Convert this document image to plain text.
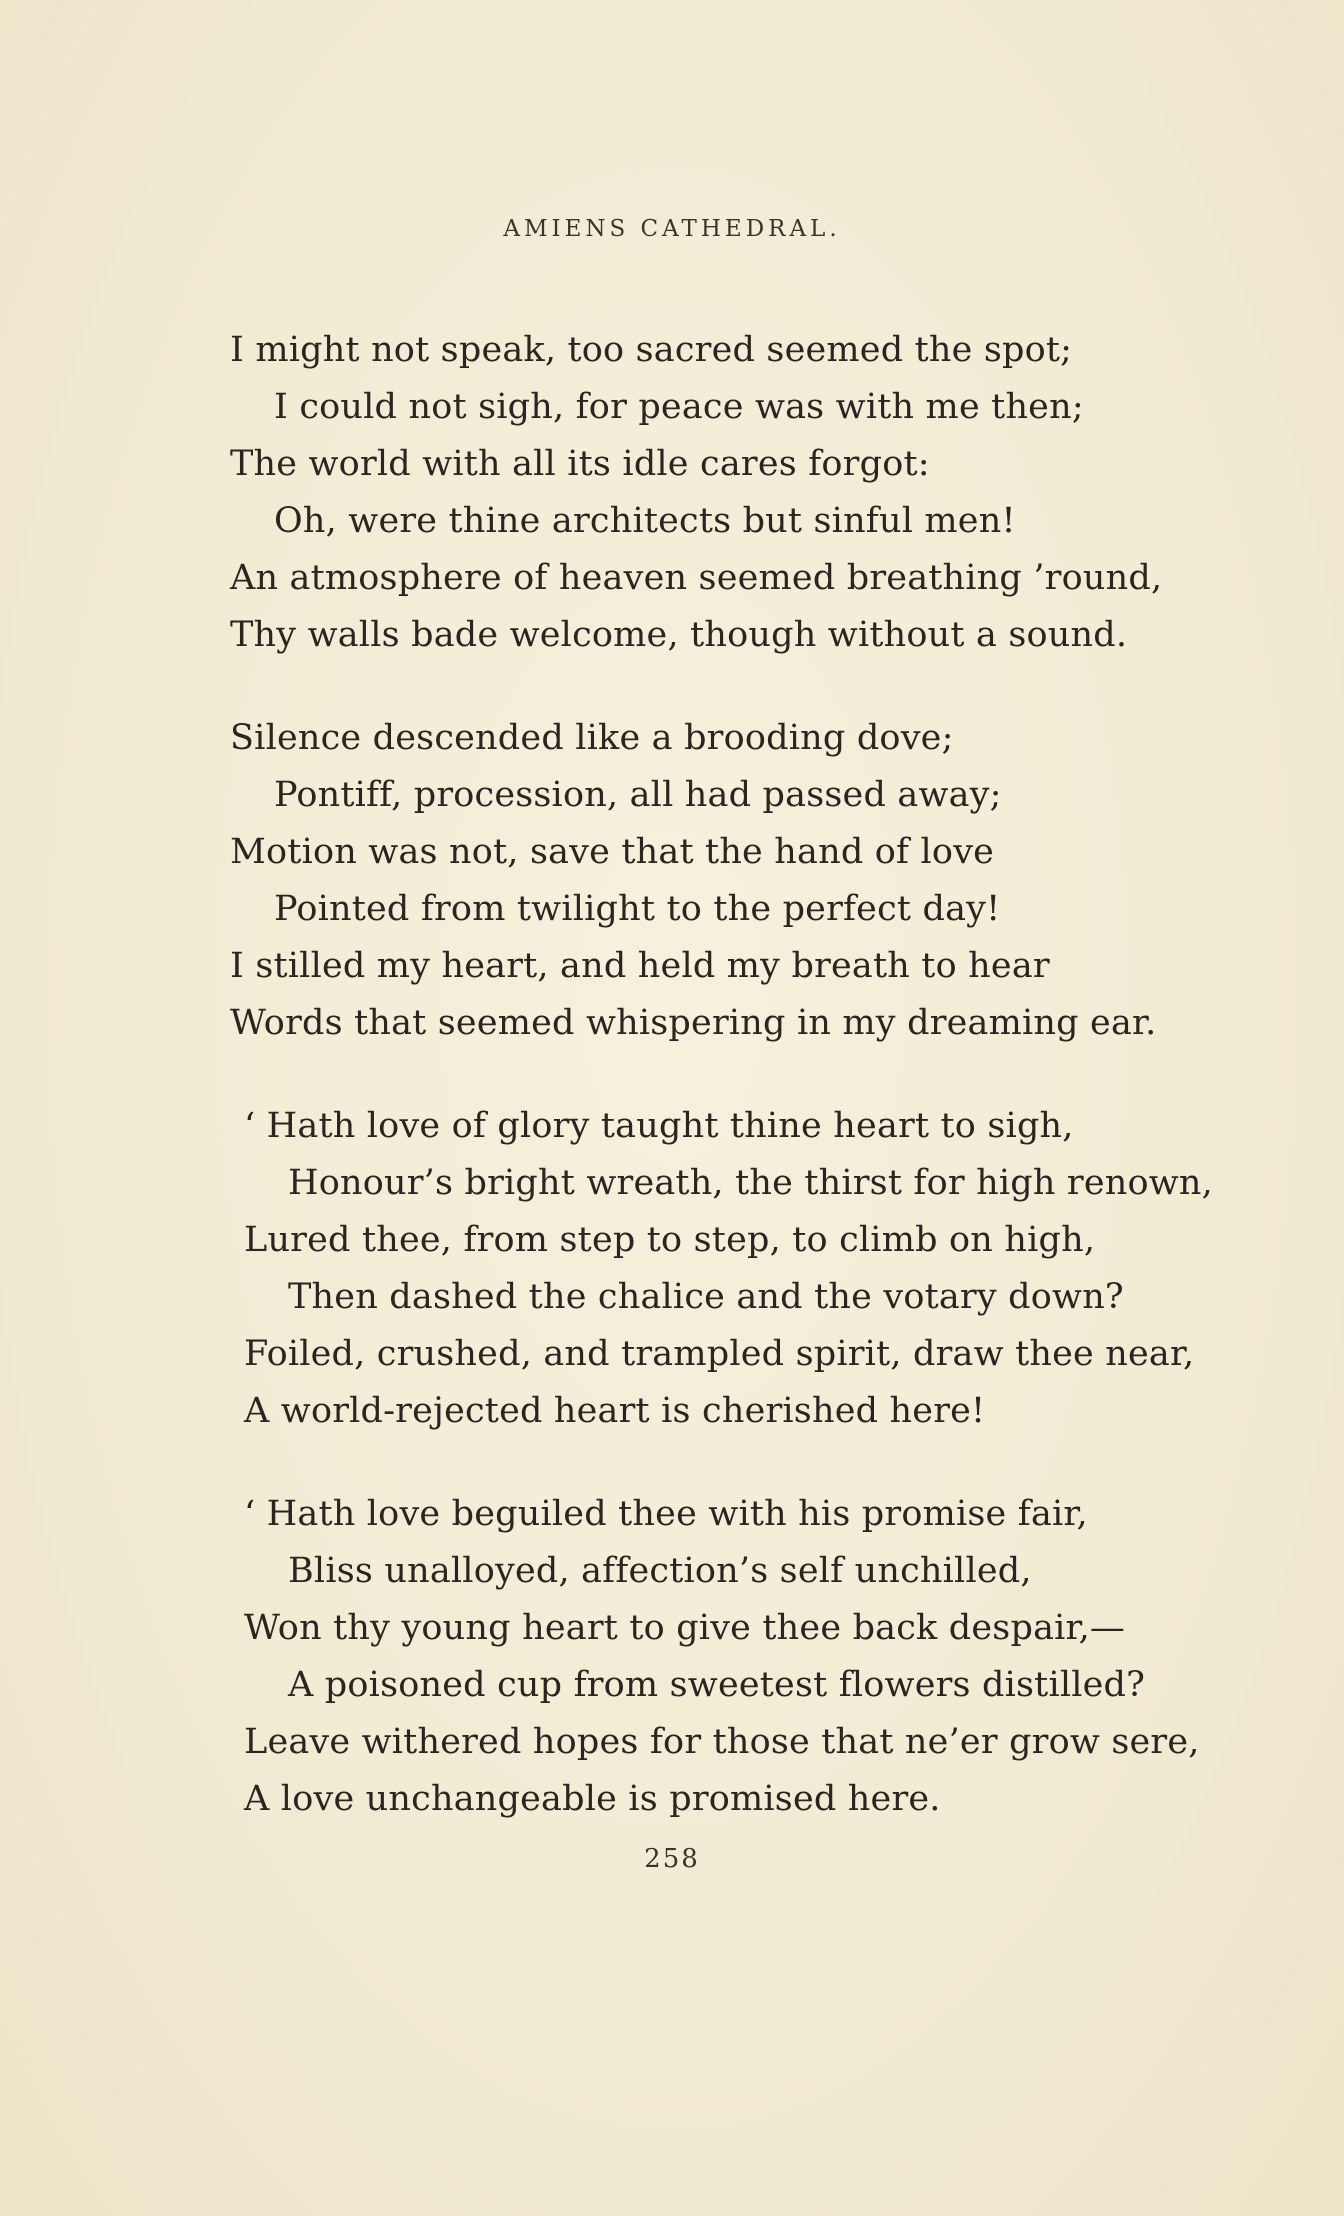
AMIENS CATHEDRAL.
I might not speak, too sacred seemed the spot;
I could not sigh, for peace was with me then;
The world with all its idle cares forgot:
Oh, were thine architects but sinful men!
An atmosphere of heaven seemed breathing ’round,
Thy walls bade welcome, though without a sound.
Silence descended like a brooding dove;
Pontiff, procession, all had passed away;
Motion was not, save that the hand of love
Pointed from twilight to the perfect day!
I stilled my heart, and held my breath to hear
Words that seemed whispering in my dreaming ear.
‘ Hath love of glory taught thine heart to sigh,
Honour’s bright wreath, the thirst for high renown,
Lured thee, from step to step, to climb on high,
Then dashed the chalice and the votary down?
Foiled, crushed, and trampled spirit, draw thee near,
A world-rejected heart is cherished here!
‘ Hath love beguiled thee with his promise fair,
Bliss unalloyed, affection’s self unchilled,
Won thy young heart to give thee back despair,—
A poisoned cup from sweetest flowers distilled?
Leave withered hopes for those that ne’er grow sere,
A love unchangeable is promised here.
258
